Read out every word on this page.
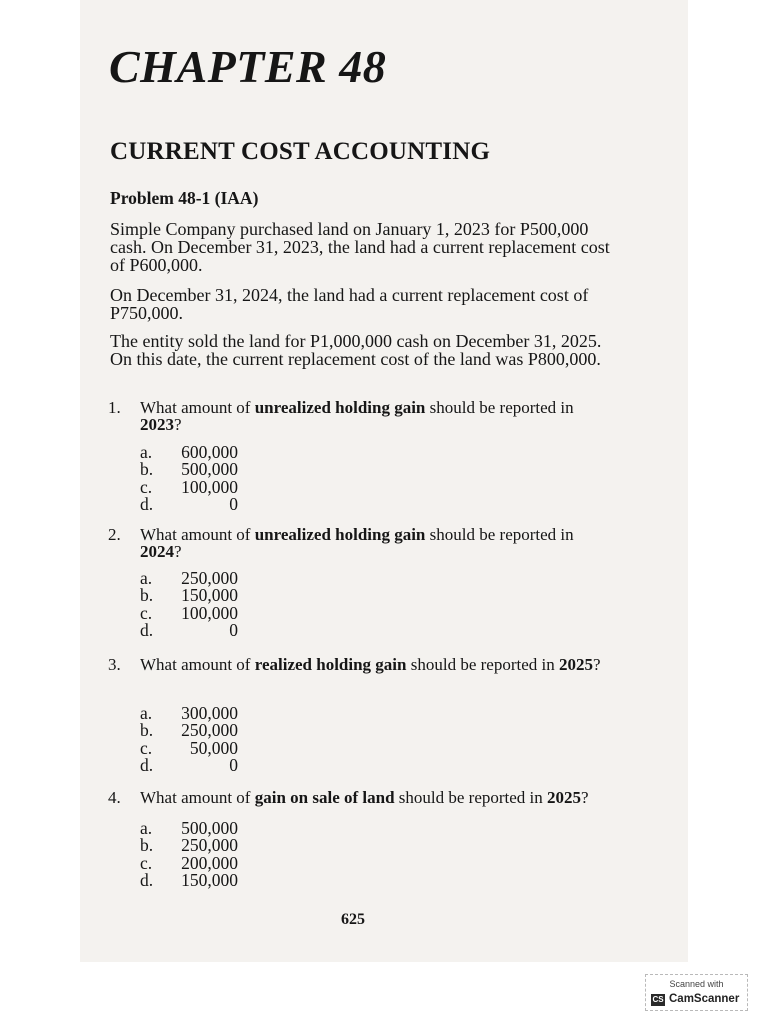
CHAPTER 48
CURRENT COST ACCOUNTING
Problem 48-1 (IAA)
Simple Company purchased land on January 1, 2023 for P500,000 cash. On December 31, 2023, the land had a current replacement cost of P600,000.
On December 31, 2024, the land had a current replacement cost of P750,000.
The entity sold the land for P1,000,000 cash on December 31, 2025. On this date, the current replacement cost of the land was P800,000.
1.	What amount of unrealized holding gain should be reported in 2023?
a.	600,000
b.	500,000
c.	100,000
d.	0
2.	What amount of unrealized holding gain should be reported in 2024?
a.	250,000
b.	150,000
c.	100,000
d.	0
3.	What amount of realized holding gain should be reported in 2025?
a.	300,000
b.	250,000
c.	50,000
d.	0
4.	What amount of gain on sale of land should be reported in 2025?
a.	500,000
b.	250,000
c.	200,000
d.	150,000
625
Scanned with
CS CamScanner
